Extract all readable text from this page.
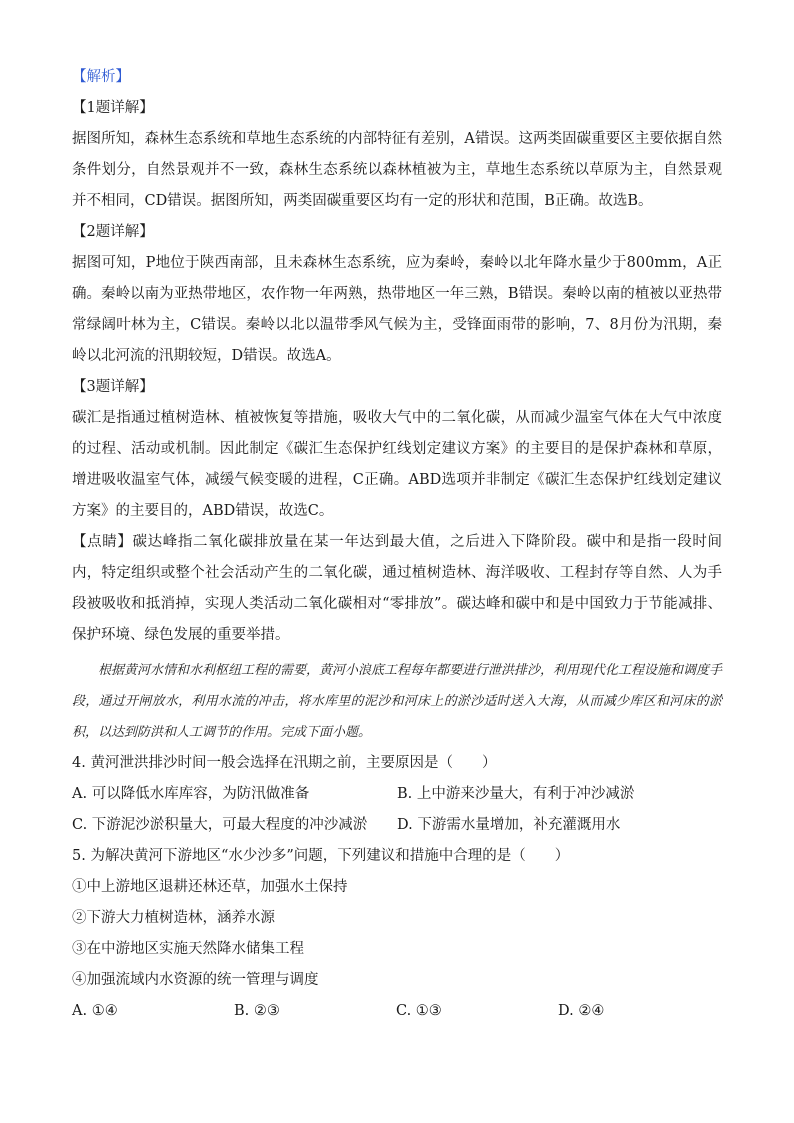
【解析】
【1题详解】
据图所知，森林生态系统和草地生态系统的内部特征有差别，A错误。这两类固碳重要区主要依据自然条件划分，自然景观并不一致，森林生态系统以森林植被为主，草地生态系统以草原为主，自然景观并不相同，CD错误。据图所知，两类固碳重要区均有一定的形状和范围，B正确。故选B。
【2题详解】
据图可知，P地位于陕西南部，且未森林生态系统，应为秦岭，秦岭以北年降水量少于800mm，A正确。秦岭以南为亚热带地区，农作物一年两熟，热带地区一年三熟，B错误。秦岭以南的植被以亚热带常绿阔叶林为主，C错误。秦岭以北以温带季风气候为主，受锋面雨带的影响，7、8月份为汛期，秦岭以北河流的汛期较短，D错误。故选A。
【3题详解】
碳汇是指通过植树造林、植被恢复等措施，吸收大气中的二氧化碳，从而减少温室气体在大气中浓度的过程、活动或机制。因此制定《碳汇生态保护红线划定建议方案》的主要目的是保护森林和草原，增进吸收温室气体，减缓气候变暖的进程，C正确。ABD选项并非制定《碳汇生态保护红线划定建议方案》的主要目的，ABD错误，故选C。
【点睛】碳达峰指二氧化碳排放量在某一年达到最大值，之后进入下降阶段。碳中和是指一段时间内，特定组织或整个社会活动产生的二氧化碳，通过植树造林、海洋吸收、工程封存等自然、人为手段被吸收和抵消掉，实现人类活动二氧化碳相对“零排放”。碳达峰和碳中和是中国致力于节能减排、保护环境、绿色发展的重要举措。
根据黄河水情和水利枢纽工程的需要，黄河小浪底工程每年都要进行泄洪排沙，利用现代化工程设施和调度手段，通过开闸放水，利用水流的冲击，将水库里的泥沙和河床上的淤沙适时送入大海，从而减少库区和河床的淤积，以达到防洪和人工调节的作用。完成下面小题。
4. 黄河泄洪排沙时间一般会选择在汛期之前，主要原因是（　　）
A. 可以降低水库库容，为防汛做准备	B. 上中游来沙量大，有利于冲沙减淤
C. 下游泥沙淤积量大，可最大程度的冲沙减淤	D. 下游需水量增加，补充灌溉用水
5. 为解决黄河下游地区“水少沙多”问题，下列建议和措施中合理的是（　　）
①中上游地区退耕还林还草，加强水土保持
②下游大力植树造林，涵养水源
③在中游地区实施天然降水储集工程
④加强流域内水资源的统一管理与调度
A. ①④	B. ②③	C. ①③	D. ②④
